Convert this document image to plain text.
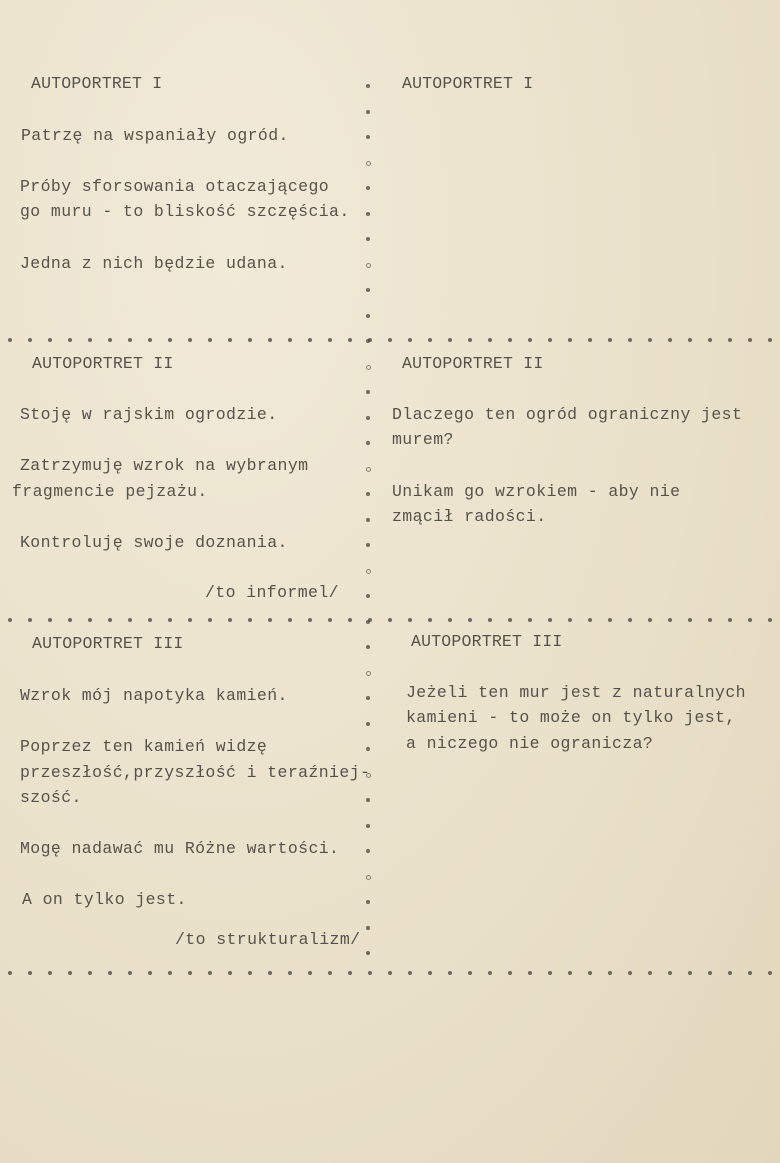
AUTOPORTRET I	AUTOPORTRET I
Patrzę na wspaniały ogród.
Próby sforsowania otaczającego
go muru - to bliskość szczęścia.
Jedna z nich będzie udana.
AUTOPORTRET II	AUTOPORTRET II
Stoję w rajskim ogrodzie.
Zatrzymuję wzrok na wybranym
fragmencie pejzażu.
Kontroluję swoje doznania.
/to informel/
Dlaczego ten ogród ograniczny jest
murem?
Unikam go wzrokiem - aby nie
zmącił radości.
AUTOPORTRET III	AUTOPORTRET III
Wzrok mój napotyka kamień.
Poprzez ten kamień widzę
przeszłość,przyszłość i teraźniej-
szość.
Mogę nadawać mu Różne wartości.
A on tylko jest.
/to strukturalizm/
Jeżeli ten mur jest z naturalnych
kamieni - to może on tylko jest,
a niczego nie ogranicza?
